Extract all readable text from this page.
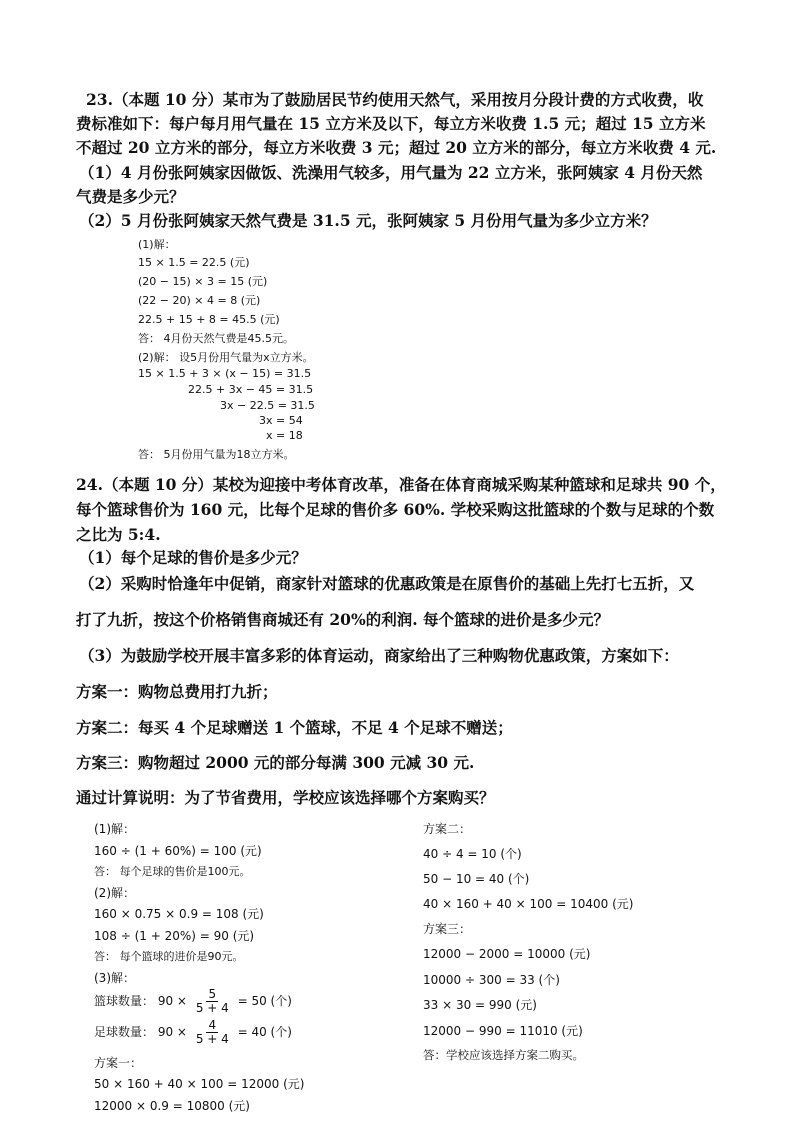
23.（本题 10 分）某市为了鼓励居民节约使用天然气，采用按月分段计费的方式收费，收
费标准如下：每户每月用气量在 15 立方米及以下，每立方米收费 1.5 元；超过 15 立方米
不超过 20 立方米的部分，每立方米收费 3 元；超过 20 立方米的部分，每立方米收费 4 元.
（1）4 月份张阿姨家因做饭、洗澡用气较多，用气量为 22 立方米，张阿姨家 4 月份天然
气费是多少元？
（2）5 月份张阿姨家天然气费是 31.5 元，张阿姨家 5 月份用气量为多少立方米？
(1)解：
15 × 1.5 = 22.5 (元)
(20 − 15) × 3 = 15 (元)
(22 − 20) × 4 = 8 (元)
22.5 + 15 + 8 = 45.5 (元)
答： 4月份天然气费是45.5元。
(2)解： 设5月份用气量为x立方米。
15 × 1.5 + 3 × (x − 15) = 31.5
22.5 + 3x − 45 = 31.5
3x − 22.5 = 31.5
3x = 54
x = 18
答： 5月份用气量为18立方米。
24.（本题 10 分）某校为迎接中考体育改革，准备在体育商城采购某种篮球和足球共 90 个，
每个篮球售价为 160 元，比每个足球的售价多 60%. 学校采购这批篮球的个数与足球的个数
之比为 5:4.
（1）每个足球的售价是多少元？
（2）采购时恰逢年中促销，商家针对篮球的优惠政策是在原售价的基础上先打七五折，又
打了九折，按这个价格销售商城还有 20%的利润. 每个篮球的进价是多少元？
（3）为鼓励学校开展丰富多彩的体育运动，商家给出了三种购物优惠政策，方案如下：
方案一：购物总费用打九折；
方案二：每买 4 个足球赠送 1 个篮球，不足 4 个足球不赠送；
方案三：购物超过 2000 元的部分每满 300 元减 30 元.
通过计算说明：为了节省费用，学校应该选择哪个方案购买？
(1)解：
160 ÷ (1 + 60%) = 100 (元)
答： 每个足球的售价是100元。
(2)解：
160 × 0.75 × 0.9 = 108 (元)
108 ÷ (1 + 20%) = 90 (元)
答： 每个篮球的进价是90元。
(3)解：
篮球数量： $90 \times \frac{5}{5 + 4} = 50$ (个)
足球数量： $90 \times \frac{4}{5 + 4} = 40$ (个)
方案一：
50 × 160 + 40 × 100 = 12000 (元)
12000 × 0.9 = 10800 (元)
方案二：
40 ÷ 4 = 10 (个)
50 − 10 = 40 (个)
40 × 160 + 40 × 100 = 10400 (元)
方案三：
12000 − 2000 = 10000 (元)
10000 ÷ 300 = 33 (个)
33 × 30 = 990 (元)
12000 − 990 = 11010 (元)
答：学校应该选择方案二购买。
